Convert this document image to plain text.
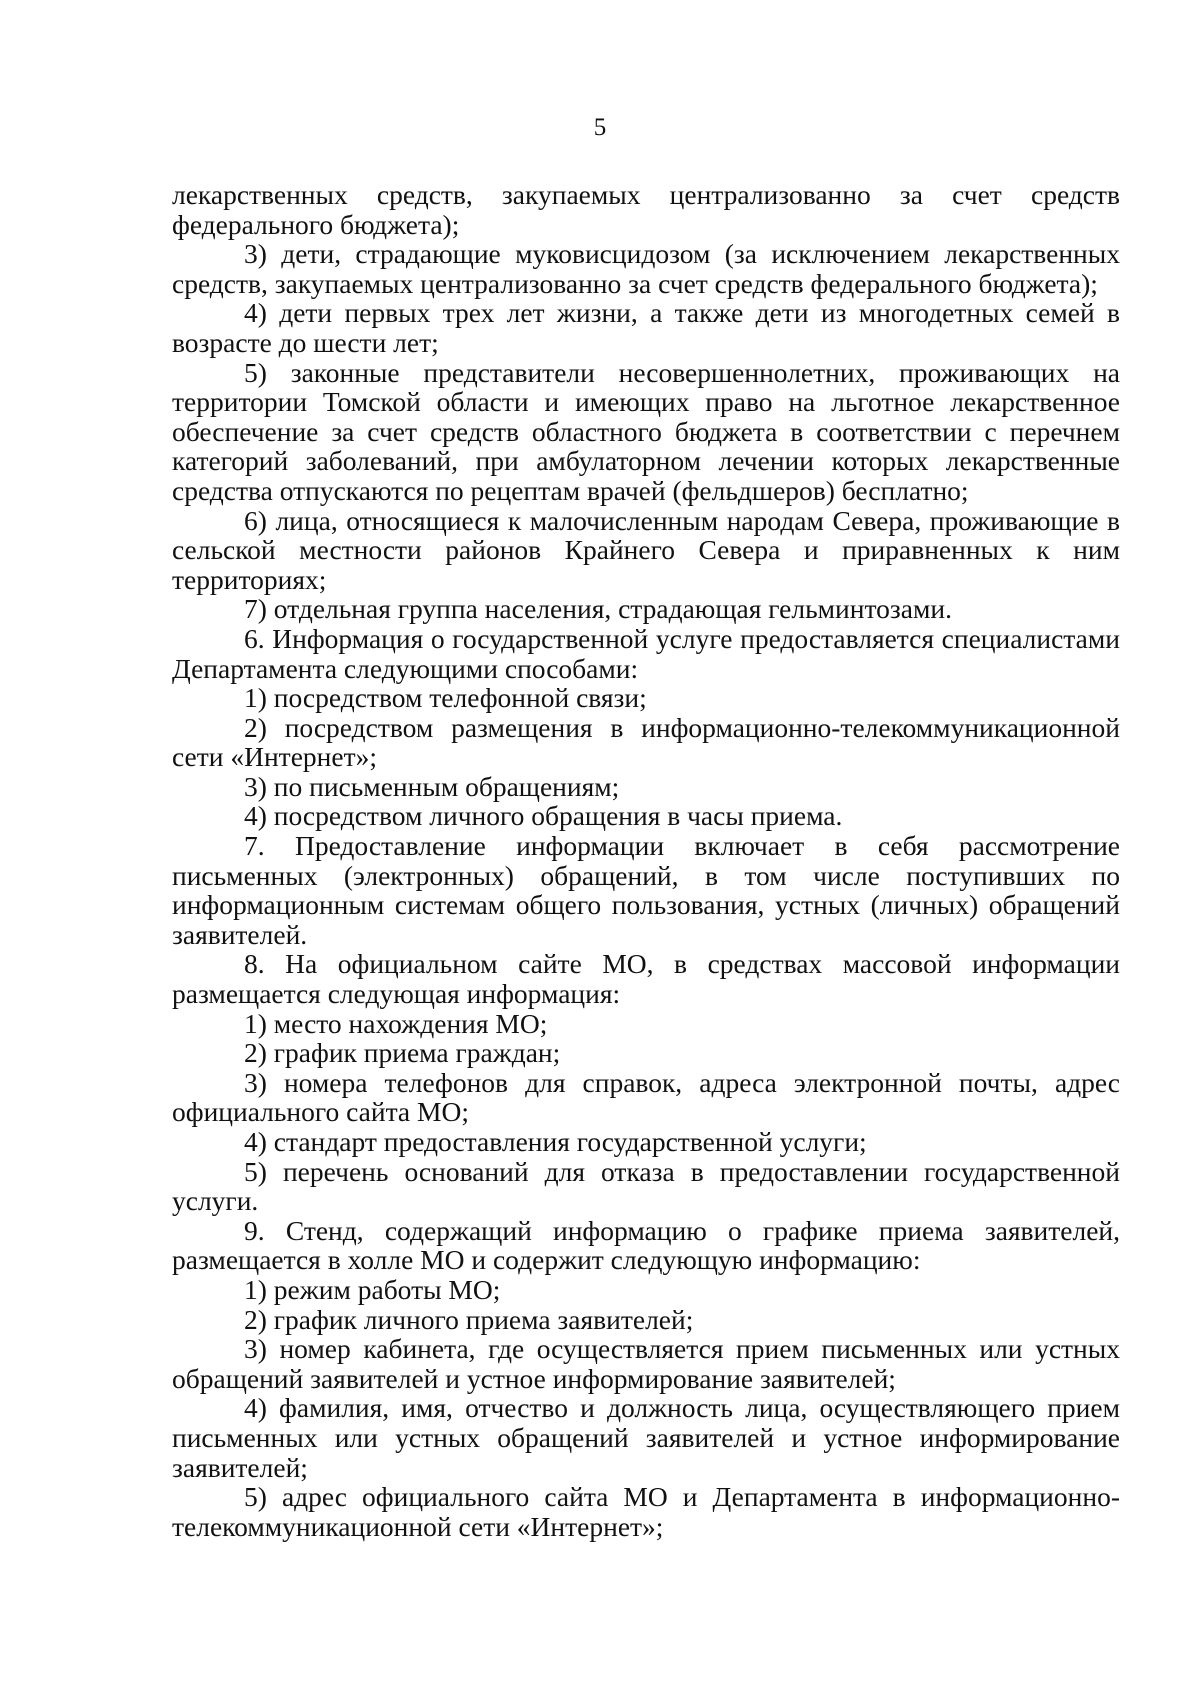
5

лекарственных средств, закупаемых централизованно за счет средств федерального бюджета);

3) дети, страдающие муковисцидозом (за исключением лекарственных средств, закупаемых централизованно за счет средств федерального бюджета);

4) дети первых трех лет жизни, а также дети из многодетных семей в возрасте до шести лет;

5) законные представители несовершеннолетних, проживающих на территории Томской области и имеющих право на льготное лекарственное обеспечение за счет средств областного бюджета в соответствии с перечнем категорий заболеваний, при амбулаторном лечении которых лекарственные средства отпускаются по рецептам врачей (фельдшеров) бесплатно;

6) лица, относящиеся к малочисленным народам Севера, проживающие в сельской местности районов Крайнего Севера и приравненных к ним территориях;

7) отдельная группа населения, страдающая гельминтозами.

6. Информация о государственной услуге предоставляется специалистами Департамента следующими способами:

1) посредством телефонной связи;

2) посредством размещения в информационно-телекоммуникационной сети «Интернет»;

3) по письменным обращениям;

4) посредством личного обращения в часы приема.

7. Предоставление информации включает в себя рассмотрение письменных (электронных) обращений, в том числе поступивших по информационным системам общего пользования, устных (личных) обращений заявителей.

8. На официальном сайте МО, в средствах массовой информации размещается следующая информация:

1) место нахождения МО;

2) график приема граждан;

3) номера телефонов для справок, адреса электронной почты, адрес официального сайта МО;

4) стандарт предоставления государственной услуги;

5) перечень оснований для отказа в предоставлении государственной услуги.

9. Стенд, содержащий информацию о графике приема заявителей, размещается в холле МО и содержит следующую информацию:

1) режим работы МО;

2) график личного приема заявителей;

3) номер кабинета, где осуществляется прием письменных или устных обращений заявителей и устное информирование заявителей;

4) фамилия, имя, отчество и должность лица, осуществляющего прием письменных или устных обращений заявителей и устное информирование заявителей;

5) адрес официального сайта МО и Департамента в информационно-телекоммуникационной сети «Интернет»;
